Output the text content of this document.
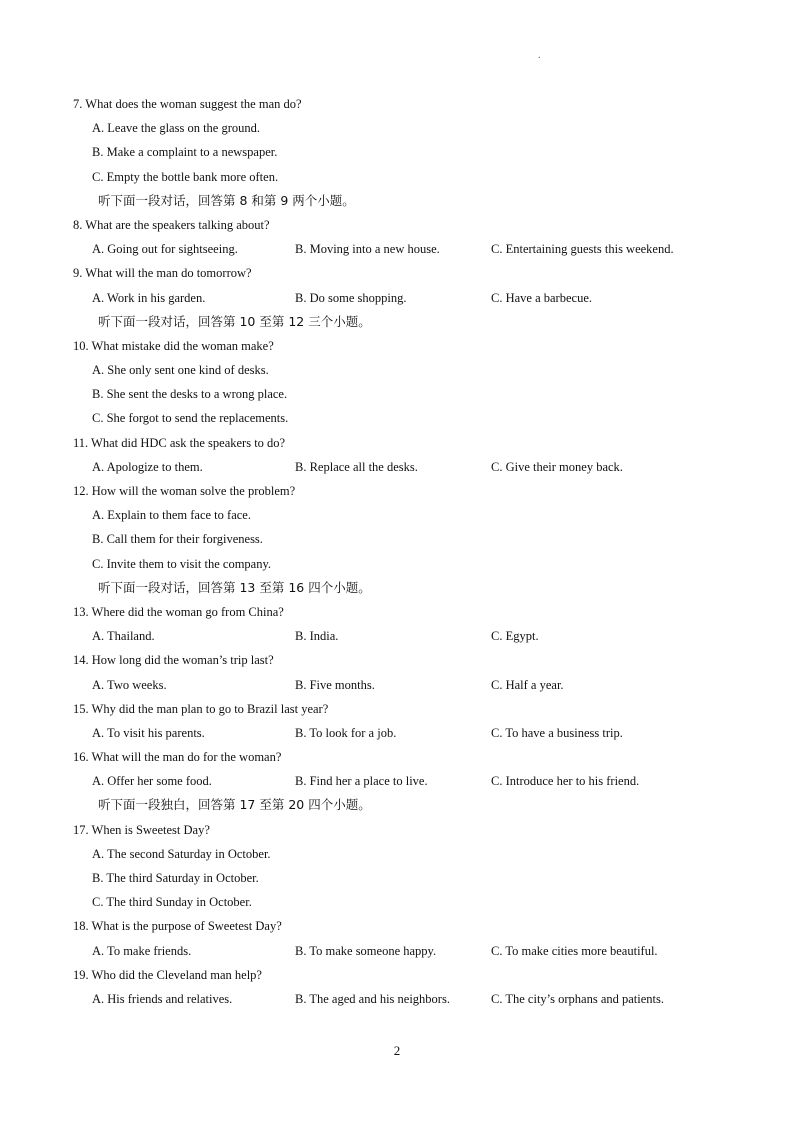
.
7. What does the woman suggest the man do?
A. Leave the glass on the ground.
B. Make a complaint to a newspaper.
C. Empty the bottle bank more often.
听下面一段对话，回答第 8 和第 9 两个小题。
8. What are the speakers talking about?
A. Going out for sightseeing.	B. Moving into a new house.	C. Entertaining guests this weekend.
9. What will the man do tomorrow?
A. Work in his garden.	B. Do some shopping.	C. Have a barbecue.
听下面一段对话，回答第 10 至第 12 三个小题。
10. What mistake did the woman make?
A. She only sent one kind of desks.
B. She sent the desks to a wrong place.
C. She forgot to send the replacements.
11. What did HDC ask the speakers to do?
A. Apologize to them.	B. Replace all the desks.	C. Give their money back.
12. How will the woman solve the problem?
A. Explain to them face to face.
B. Call them for their forgiveness.
C. Invite them to visit the company.
听下面一段对话，回答第 13 至第 16 四个小题。
13. Where did the woman go from China?
A. Thailand.	B. India.	C. Egypt.
14. How long did the woman’s trip last?
A. Two weeks.	B. Five months.	C. Half a year.
15. Why did the man plan to go to Brazil last year?
A. To visit his parents.	B. To look for a job.	C. To have a business trip.
16. What will the man do for the woman?
A. Offer her some food.	B. Find her a place to live.	C. Introduce her to his friend.
听下面一段独白，回答第 17 至第 20 四个小题。
17. When is Sweetest Day?
A. The second Saturday in October.
B. The third Saturday in October.
C. The third Sunday in October.
18. What is the purpose of Sweetest Day?
A. To make friends.	B. To make someone happy.	C. To make cities more beautiful.
19. Who did the Cleveland man help?
A. His friends and relatives.	B. The aged and his neighbors.	C. The city’s orphans and patients.
2
